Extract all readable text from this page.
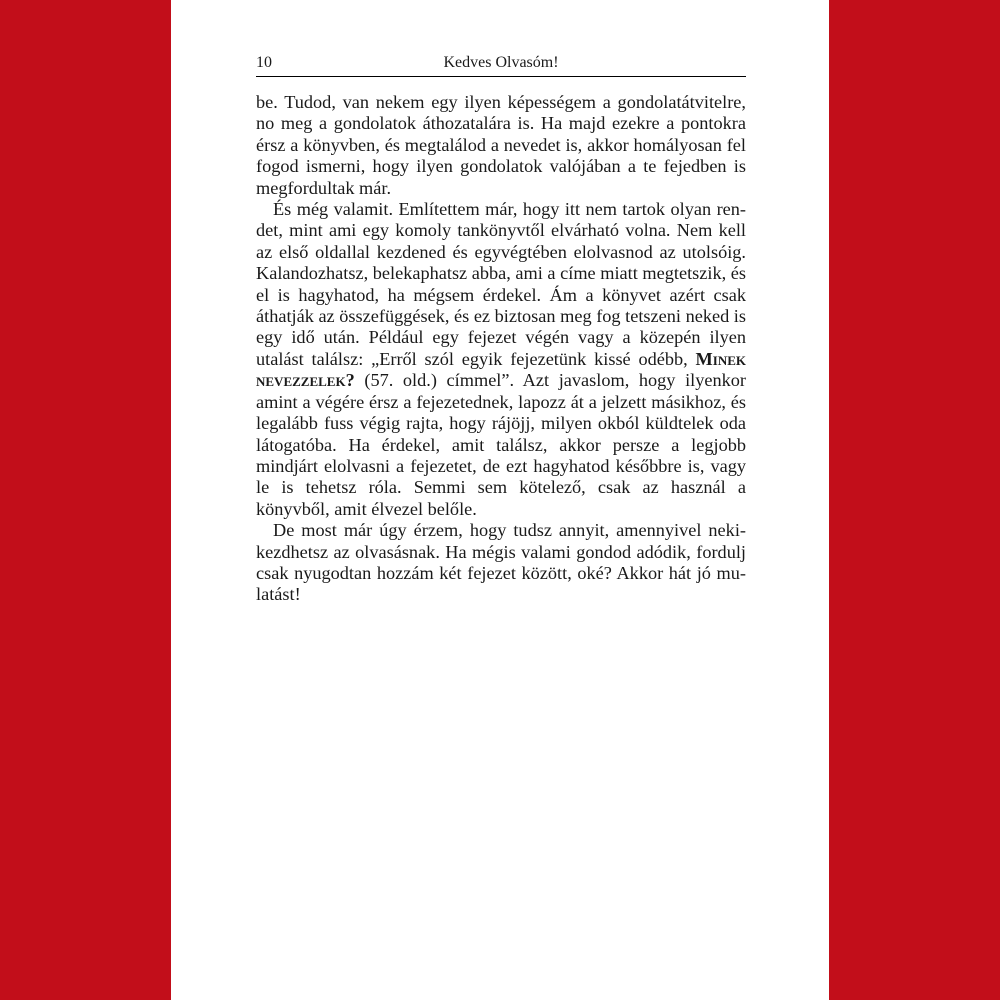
10	Kedves Olvasóm!

be. Tudod, van nekem egy ilyen képességem a gondolatátvitelre, no meg a gondolatok áthozatalára is. Ha majd ezekre a pontokra érsz a könyvben, és megtalálod a nevedet is, akkor homályosan fel fogod ismerni, hogy ilyen gondolatok valójában a te fejedben is megfordultak már.

És még valamit. Említettem már, hogy itt nem tartok olyan rendet, mint ami egy komoly tankönyvtől elvárható volna. Nem kell az első oldallal kezdened és egyvégtében elolvasnod az utolsóig. Kalandozhatsz, belekaphatsz abba, ami a címe miatt megtetszik, és el is hagyhatod, ha mégsem érdekel. Ám a könyvet azért csak áthatják az összefüggések, és ez biztosan meg fog tetszeni neked is egy idő után. Például egy fejezet végén vagy a közepén ilyen utalást találsz: „Erről szól egyik fejezetünk kissé odébb, Minek nevezzelek? (57. old.) címmel”. Azt javaslom, hogy ilyenkor amint a végére érsz a fejezetednek, lapozz át a jelzett másikhoz, és legalább fuss végig rajta, hogy rájöjj, milyen okból küldtelek oda látogatóba. Ha érdekel, amit találsz, akkor persze a legjobb mindjárt elolvasni a fejezetet, de ezt hagyhatod későbbre is, vagy le is tehetsz róla. Semmi sem kötelező, csak az használ a könyvből, amit élvezel belőle.

De most már úgy érzem, hogy tudsz annyit, amennyivel nekikezdhetsz az olvasásnak. Ha mégis valami gondod adódik, fordulj csak nyugodtan hozzám két fejezet között, oké? Akkor hát jó mulatást!
